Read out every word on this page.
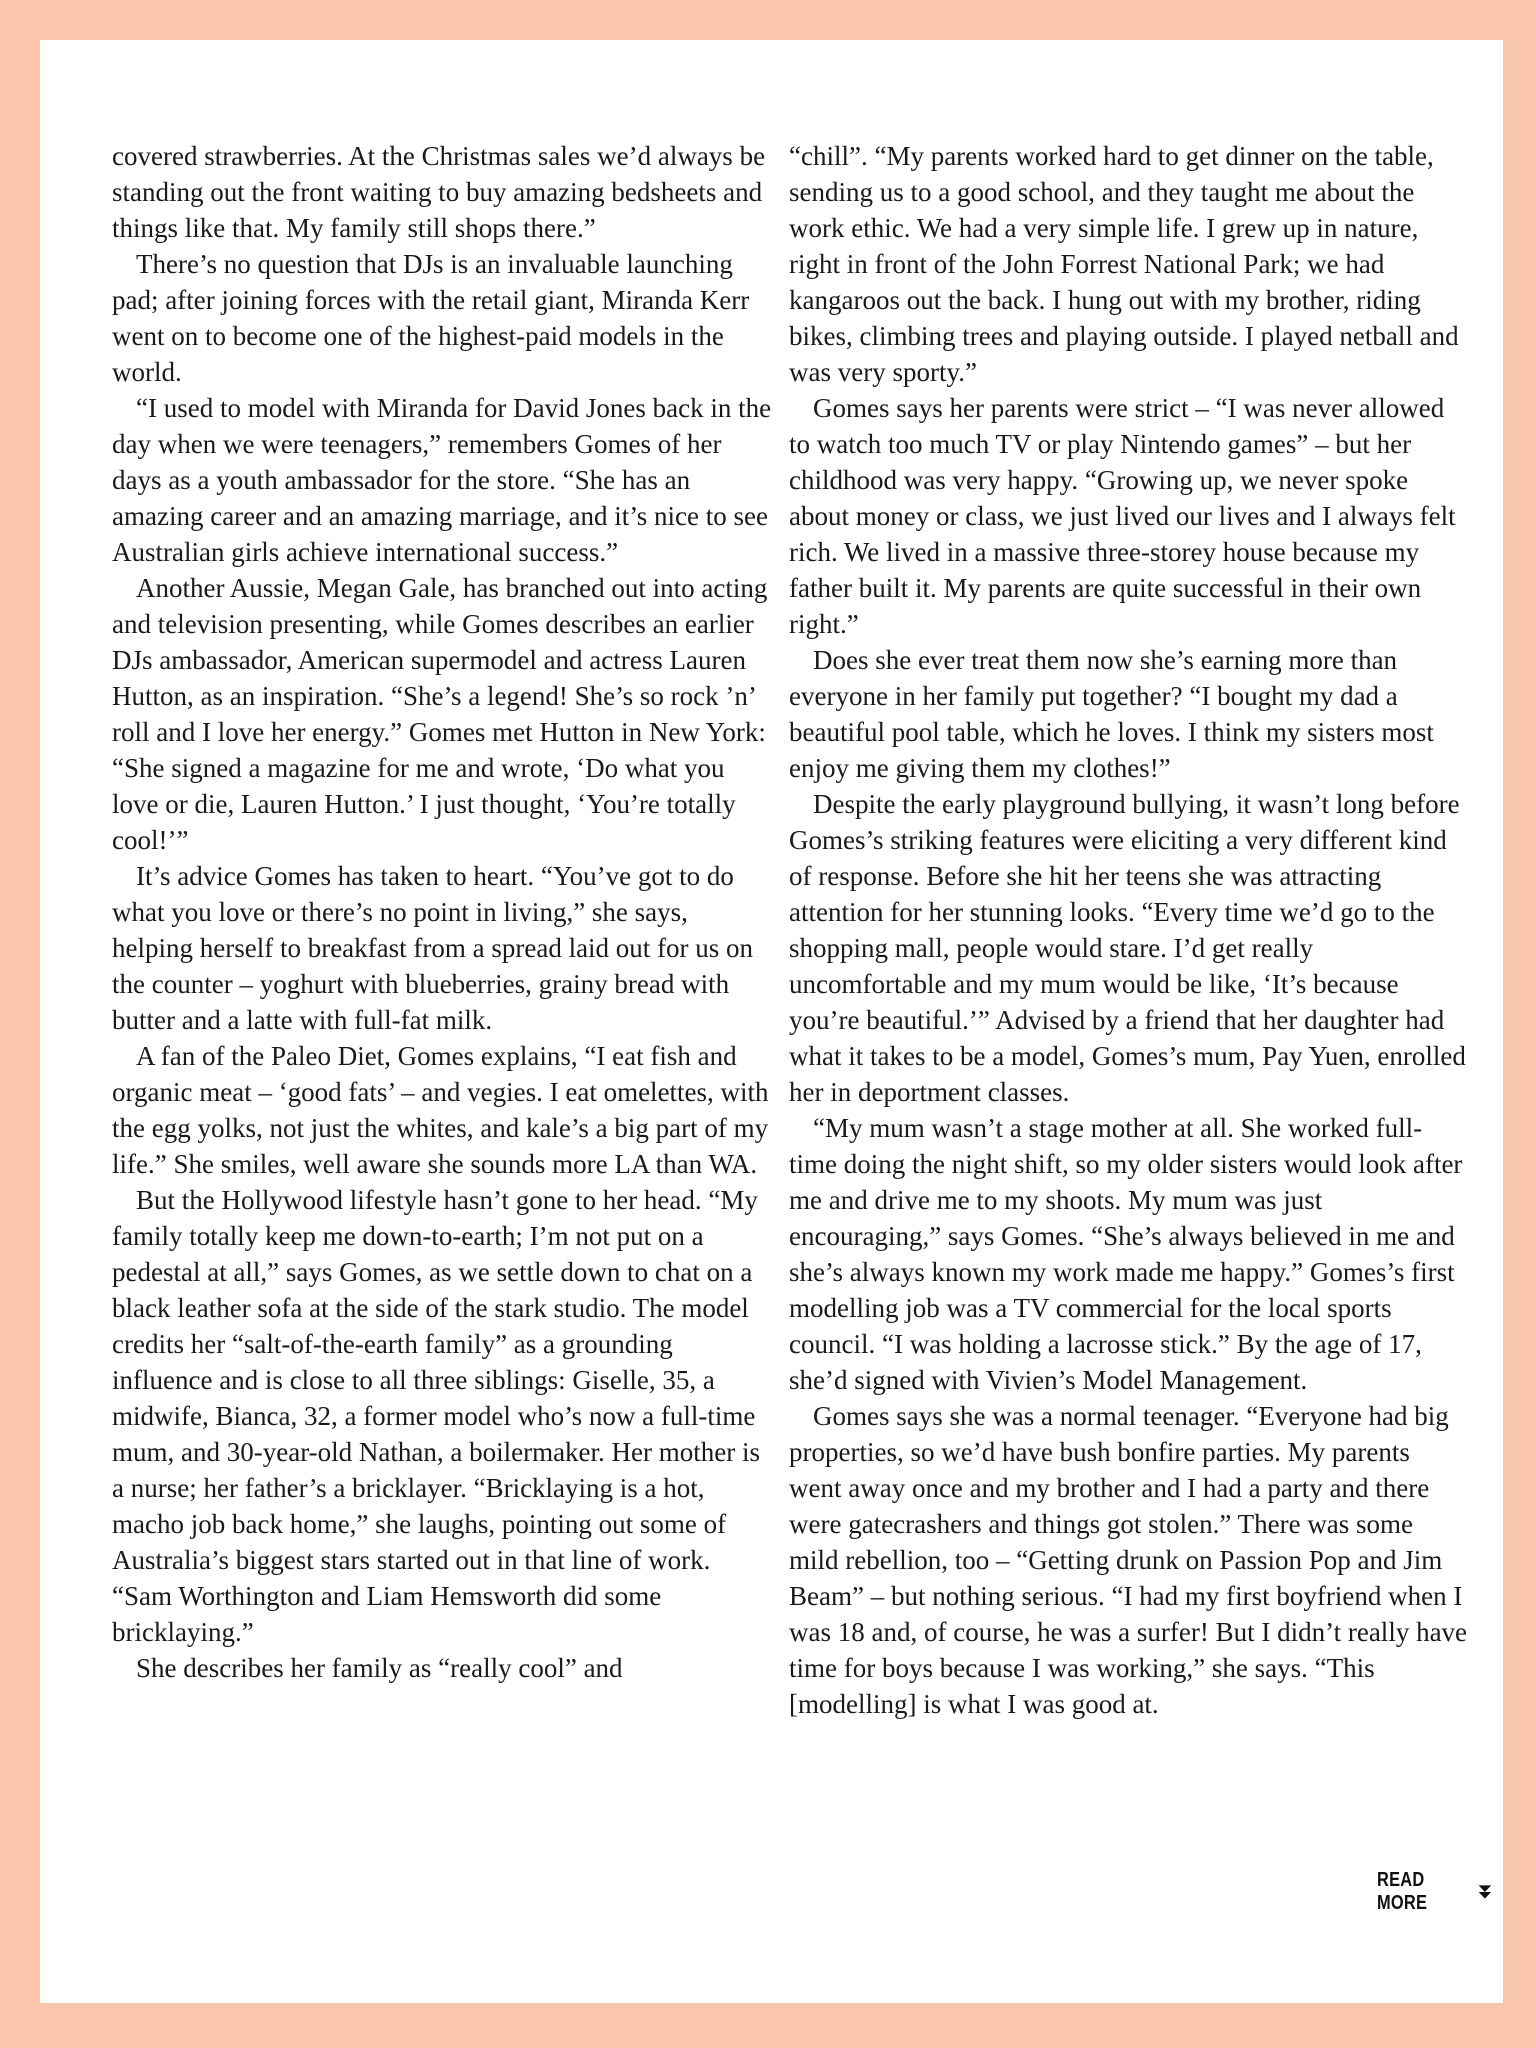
covered strawberries. At the Christmas sales we’d always be standing out the front waiting to buy amazing bedsheets and things like that. My family still shops there.”

There’s no question that DJs is an invaluable launching pad; after joining forces with the retail giant, Miranda Kerr went on to become one of the highest-paid models in the world.

“I used to model with Miranda for David Jones back in the day when we were teenagers,” remembers Gomes of her days as a youth ambassador for the store. “She has an amazing career and an amazing marriage, and it’s nice to see Australian girls achieve international success.”

Another Aussie, Megan Gale, has branched out into acting and television presenting, while Gomes describes an earlier DJs ambassador, American supermodel and actress Lauren Hutton, as an inspiration. “She’s a legend! She’s so rock ’n’ roll and I love her energy.” Gomes met Hutton in New York: “She signed a magazine for me and wrote, ‘Do what you love or die, Lauren Hutton.’ I just thought, ‘You’re totally cool!’”

It’s advice Gomes has taken to heart. “You’ve got to do what you love or there’s no point in living,” she says, helping herself to breakfast from a spread laid out for us on the counter – yoghurt with blueberries, grainy bread with butter and a latte with full-fat milk.

A fan of the Paleo Diet, Gomes explains, “I eat fish and organic meat – ‘good fats’ – and vegies. I eat omelettes, with the egg yolks, not just the whites, and kale’s a big part of my life.” She smiles, well aware she sounds more LA than WA.

But the Hollywood lifestyle hasn’t gone to her head. “My family totally keep me down-to-earth; I’m not put on a pedestal at all,” says Gomes, as we settle down to chat on a black leather sofa at the side of the stark studio. The model credits her “salt-of-the-earth family” as a grounding influence and is close to all three siblings: Giselle, 35, a midwife, Bianca, 32, a former model who’s now a full-time mum, and 30-year-old Nathan, a boilermaker. Her mother is a nurse; her father’s a bricklayer. “Bricklaying is a hot, macho job back home,” she laughs, pointing out some of Australia’s biggest stars started out in that line of work. “Sam Worthington and Liam Hemsworth did some bricklaying.”

She describes her family as “really cool” and

“chill”. “My parents worked hard to get dinner on the table, sending us to a good school, and they taught me about the work ethic. We had a very simple life. I grew up in nature, right in front of the John Forrest National Park; we had kangaroos out the back. I hung out with my brother, riding bikes, climbing trees and playing outside. I played netball and was very sporty.”

Gomes says her parents were strict – “I was never allowed to watch too much TV or play Nintendo games” – but her childhood was very happy. “Growing up, we never spoke about money or class, we just lived our lives and I always felt rich. We lived in a massive three-storey house because my father built it. My parents are quite successful in their own right.”

Does she ever treat them now she’s earning more than everyone in her family put together? “I bought my dad a beautiful pool table, which he loves. I think my sisters most enjoy me giving them my clothes!”

Despite the early playground bullying, it wasn’t long before Gomes’s striking features were eliciting a very different kind of response. Before she hit her teens she was attracting attention for her stunning looks. “Every time we’d go to the shopping mall, people would stare. I’d get really uncomfortable and my mum would be like, ‘It’s because you’re beautiful.’” Advised by a friend that her daughter had what it takes to be a model, Gomes’s mum, Pay Yuen, enrolled her in deportment classes.

“My mum wasn’t a stage mother at all. She worked full-time doing the night shift, so my older sisters would look after me and drive me to my shoots. My mum was just encouraging,” says Gomes. “She’s always believed in me and she’s always known my work made me happy.” Gomes’s first modelling job was a TV commercial for the local sports council. “I was holding a lacrosse stick.” By the age of 17, she’d signed with Vivien’s Model Management.

Gomes says she was a normal teenager. “Everyone had big properties, so we’d have bush bonfire parties. My parents went away once and my brother and I had a party and there were gatecrashers and things got stolen.” There was some mild rebellion, too – “Getting drunk on Passion Pop and Jim Beam” – but nothing serious. “I had my first boyfriend when I was 18 and, of course, he was a surfer! But I didn’t really have time for boys because I was working,” she says. “This [modelling] is what I was good at.

READ MORE
